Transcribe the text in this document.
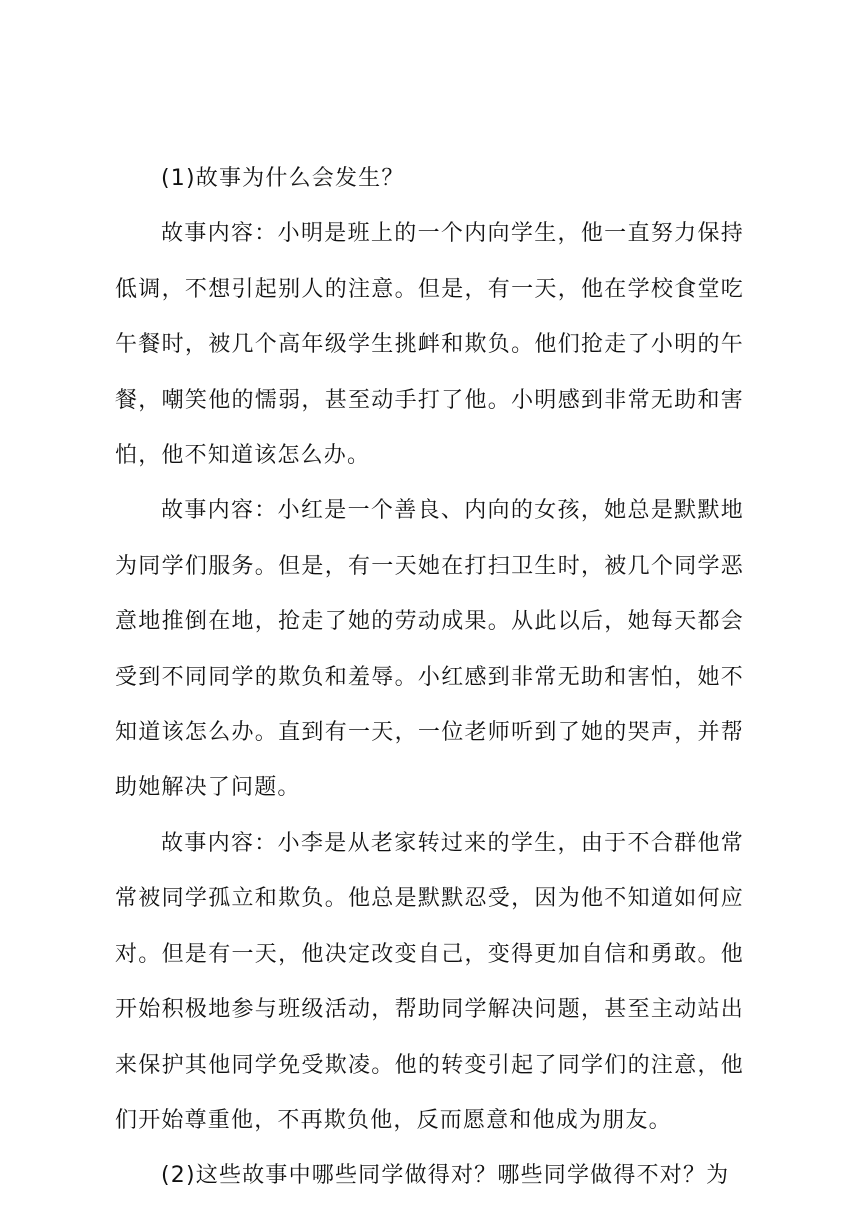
(1)故事为什么会发生？

故事内容：小明是班上的一个内向学生，他一直努力保持低调，不想引起别人的注意。但是，有一天，他在学校食堂吃午餐时，被几个高年级学生挑衅和欺负。他们抢走了小明的午餐，嘲笑他的懦弱，甚至动手打了他。小明感到非常无助和害怕，他不知道该怎么办。

故事内容：小红是一个善良、内向的女孩，她总是默默地为同学们服务。但是，有一天她在打扫卫生时，被几个同学恶意地推倒在地，抢走了她的劳动成果。从此以后，她每天都会受到不同同学的欺负和羞辱。小红感到非常无助和害怕，她不知道该怎么办。直到有一天，一位老师听到了她的哭声，并帮助她解决了问题。

故事内容：小李是从老家转过来的学生，由于不合群他常常被同学孤立和欺负。他总是默默忍受，因为他不知道如何应对。但是有一天，他决定改变自己，变得更加自信和勇敢。他开始积极地参与班级活动，帮助同学解决问题，甚至主动站出来保护其他同学免受欺凌。他的转变引起了同学们的注意，他们开始尊重他，不再欺负他，反而愿意和他成为朋友。

(2)这些故事中哪些同学做得对？哪些同学做得不对？为
